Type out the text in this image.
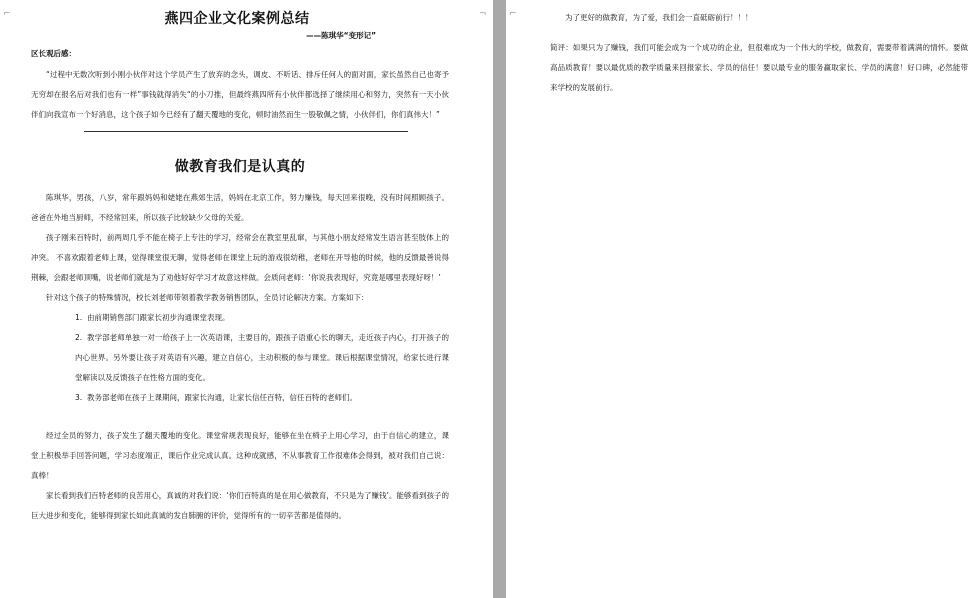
⌐	¬
燕四企业文化案例总结

——陈琪华“变形记”

区长观后感：

“过程中无数次听到小刚小伙伴对这个学员产生了放弃的念头，调皮、不听话、排斥任何人的面对面，家长虽然自己也寄予无穷却在报名后对我们也有一样”事钱就得消失“的小刀推，但最终燕四所有小伙伴都选择了继续用心和努力，突然有一天小伙伴们向我宣布一个好消息，这个孩子如今已经有了翻天覆地的变化，顿时油然而生一股敬佩之情，小伙伴们，你们真伟大！”

做教育我们是认真的

陈琪华，男孩，八岁，常年跟妈妈和姥姥在燕郊生活，妈妈在北京工作，努力赚钱，每天回来很晚，没有时间照顾孩子。爸爸在外地当厨师，不经常回来，所以孩子比较缺少父母的关爱。

孩子刚来百特时，前两周几乎不能在椅子上专注的学习，经常会在教室里乱窜，与其他小朋友经常发生语言甚至肢体上的冲突。 不喜欢跟着老师上课，觉得课堂很无聊，觉得老师在课堂上玩的游戏很幼稚，老师在开导他的时候，他的反馈最善说得荆棘，会跟老师顶嘴，说老师们就是为了劝他好好学习才故意这样做。会质问老师：‘你说我表现好，究竟是哪里表现好呀！’

针对这个孩子的特殊情况，校长刘老师带领着教学教务销售团队，全员讨论解决方案。方案如下：

1. 由前期销售部门跟家长初步沟通课堂表现。

2. 教学部老师单独一对一给孩子上一次英语课，主要目的，跟孩子语重心长的聊天，走近孩子内心，打开孩子的内心世界。另外要让孩子对英语有兴趣，建立自信心，主动积极的参与课堂。课后根据课堂情况，给家长进行课堂解读以及反馈孩子在性格方面的变化。

3. 教务部老师在孩子上课期间，跟家长沟通，让家长信任百特，信任百特的老师们。

经过全员的努力，孩子发生了翻天覆地的变化。课堂常规表现良好，能够在坐在椅子上用心学习，由于自信心的建立，课堂上积极举手回答问题，学习态度端正，课后作业完成认真。这种成就感，不从事教育工作很难体会得到，被对我们自己说：真棒！

家长看到我们百特老师的良苦用心，真诚的对我们说：‘你们百特真的是在用心做教育，不只是为了赚钱’。能够看到孩子的巨大进步和变化，能够得到家长如此真诚的发自肺腑的评价，觉得所有的一切辛苦都是值得的。

⌐	为了更好的做教育，为了爱，我们会一直砥砺前行！！！

简评：如果只为了赚钱，我们可能会成为一个成功的企业，但很难成为一个伟大的学校，做教育，需要带着满满的情怀。要做高品质教育！要以最优质的教学质量来回报家长、学员的信任！要以最专业的服务赢取家长、学员的满意！好口碑，必然能带来学校的发展前行。
